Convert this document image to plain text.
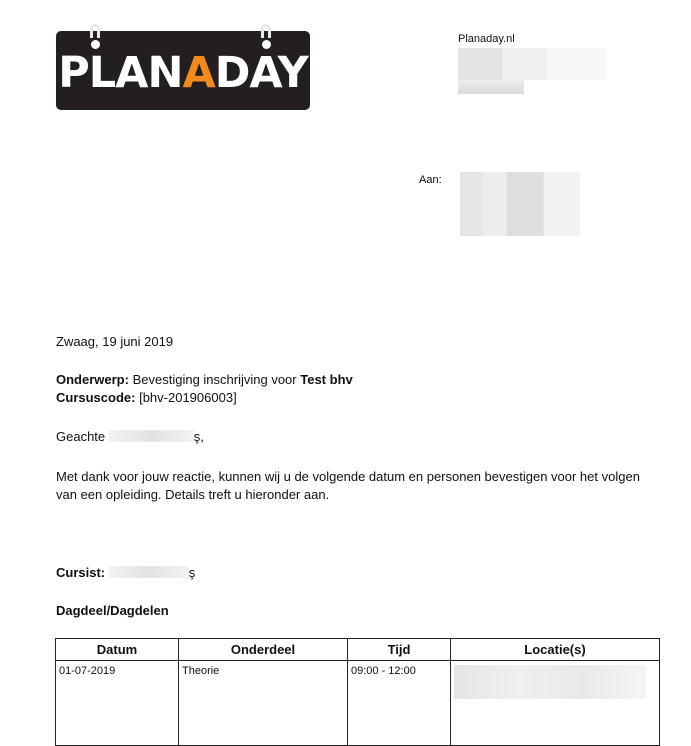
PLANADAY
Planaday.nl
Aan:
Zwaag, 19 juni 2019
Onderwerp: Bevestiging inschrijving voor Test bhv
Cursuscode: [bhv-201906003]
Geachte	ş,
Met dank voor jouw reactie, kunnen wij u de volgende datum en personen bevestigen voor het volgen van een opleiding. Details treft u hieronder aan.
Cursist:	ş
Dagdeel/Dagdelen
Datum	Onderdeel	Tijd	Locatie(s)
01-07-2019	Theorie	09:00 - 12:00	
